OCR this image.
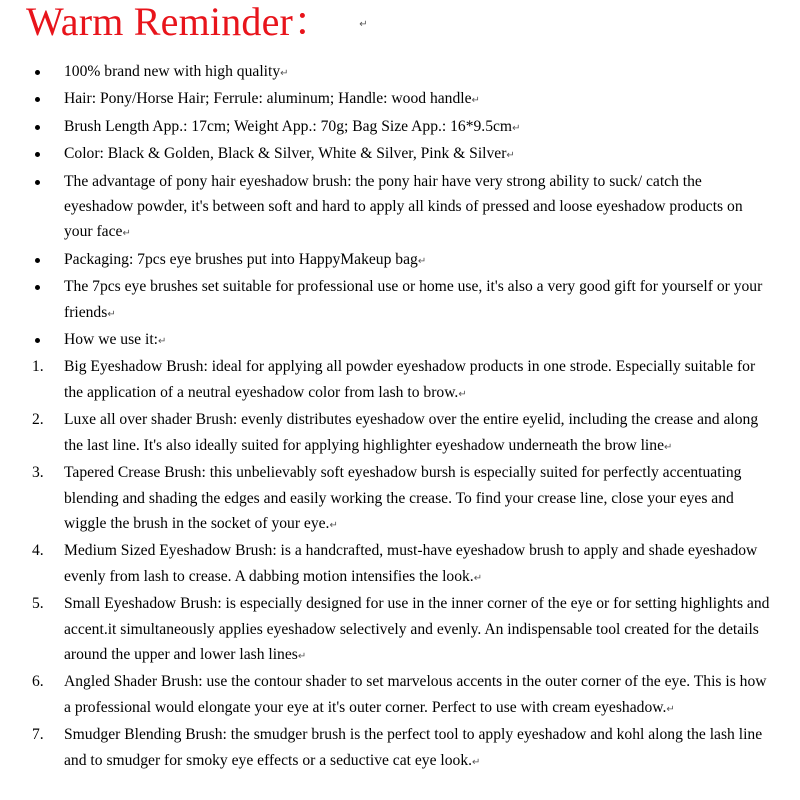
Warm Reminder：	↵
100% brand new with high quality↵
Hair: Pony/Horse Hair; Ferrule: aluminum; Handle: wood handle↵
Brush Length App.: 17cm; Weight App.: 70g; Bag Size App.: 16*9.5cm↵
Color: Black & Golden, Black & Silver, White & Silver, Pink & Silver↵
The advantage of pony hair eyeshadow brush: the pony hair have very strong ability to suck/ catch the eyeshadow powder, it's between soft and hard to apply all kinds of pressed and loose eyeshadow products on your face↵
Packaging: 7pcs eye brushes put into HappyMakeup bag↵
The 7pcs eye brushes set suitable for professional use or home use, it's also a very good gift for yourself or your friends↵
How we use it:↵
1. Big Eyeshadow Brush: ideal for applying all powder eyeshadow products in one strode. Especially suitable for the application of a neutral eyeshadow color from lash to brow.↵
2. Luxe all over shader Brush: evenly distributes eyeshadow over the entire eyelid, including the crease and along the last line. It's also ideally suited for applying highlighter eyeshadow underneath the brow line↵
3. Tapered Crease Brush: this unbelievably soft eyeshadow bursh is especially suited for perfectly accentuating blending and shading the edges and easily working the crease. To find your crease line, close your eyes and wiggle the brush in the socket of your eye.↵
4. Medium Sized Eyeshadow Brush: is a handcrafted, must-have eyeshadow brush to apply and shade eyeshadow evenly from lash to crease. A dabbing motion intensifies the look.↵
5. Small Eyeshadow Brush: is especially designed for use in the inner corner of the eye or for setting highlights and accent.it simultaneously applies eyeshadow selectively and evenly. An indispensable tool created for the details around the upper and lower lash lines↵
6. Angled Shader Brush: use the contour shader to set marvelous accents in the outer corner of the eye. This is how a professional would elongate your eye at it's outer corner. Perfect to use with cream eyeshadow.↵
7. Smudger Blending Brush: the smudger brush is the perfect tool to apply eyeshadow and kohl along the lash line and to smudger for smoky eye effects or a seductive cat eye look.↵
